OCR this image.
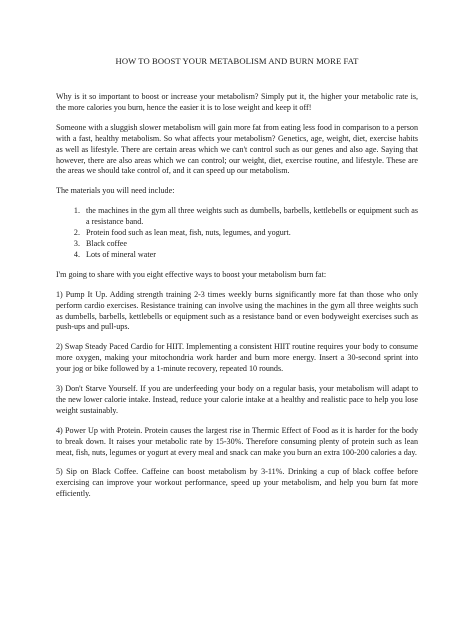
HOW TO BOOST YOUR METABOLISM AND BURN MORE FAT

Why is it so important to boost or increase your metabolism? Simply put it, the higher your metabolic rate is, the more calories you burn, hence the easier it is to lose weight and keep it off!

Someone with a sluggish slower metabolism will gain more fat from eating less food in comparison to a person with a fast, healthy metabolism. So what affects your metabolism? Genetics, age, weight, diet, exercise habits as well as lifestyle. There are certain areas which we can't control such as our genes and also age. Saying that however, there are also areas which we can control; our weight, diet, exercise routine, and lifestyle. These are the areas we should take control of, and it can speed up our metabolism.

The materials you will need include:

1. the machines in the gym all three weights such as dumbells, barbells, kettlebells or equipment such as a resistance band.
2. Protein food such as lean meat, fish, nuts, legumes, and yogurt.
3. Black coffee
4. Lots of mineral water

I'm going to share with you eight effective ways to boost your metabolism burn fat:

1) Pump It Up. Adding strength training 2-3 times weekly burns significantly more fat than those who only perform cardio exercises. Resistance training can involve using the machines in the gym all three weights such as dumbells, barbells, kettlebells or equipment such as a resistance band or even bodyweight exercises such as push-ups and pull-ups.

2) Swap Steady Paced Cardio for HIIT. Implementing a consistent HIIT routine requires your body to consume more oxygen, making your mitochondria work harder and burn more energy. Insert a 30-second sprint into your jog or bike followed by a 1-minute recovery, repeated 10 rounds.

3) Don't Starve Yourself. If you are underfeeding your body on a regular basis, your metabolism will adapt to the new lower calorie intake. Instead, reduce your calorie intake at a healthy and realistic pace to help you lose weight sustainably.

4) Power Up with Protein. Protein causes the largest rise in Thermic Effect of Food as it is harder for the body to break down. It raises your metabolic rate by 15-30%. Therefore consuming plenty of protein such as lean meat, fish, nuts, legumes or yogurt at every meal and snack can make you burn an extra 100-200 calories a day.

5) Sip on Black Coffee. Caffeine can boost metabolism by 3-11%. Drinking a cup of black coffee before exercising can improve your workout performance, speed up your metabolism, and help you burn fat more efficiently.
